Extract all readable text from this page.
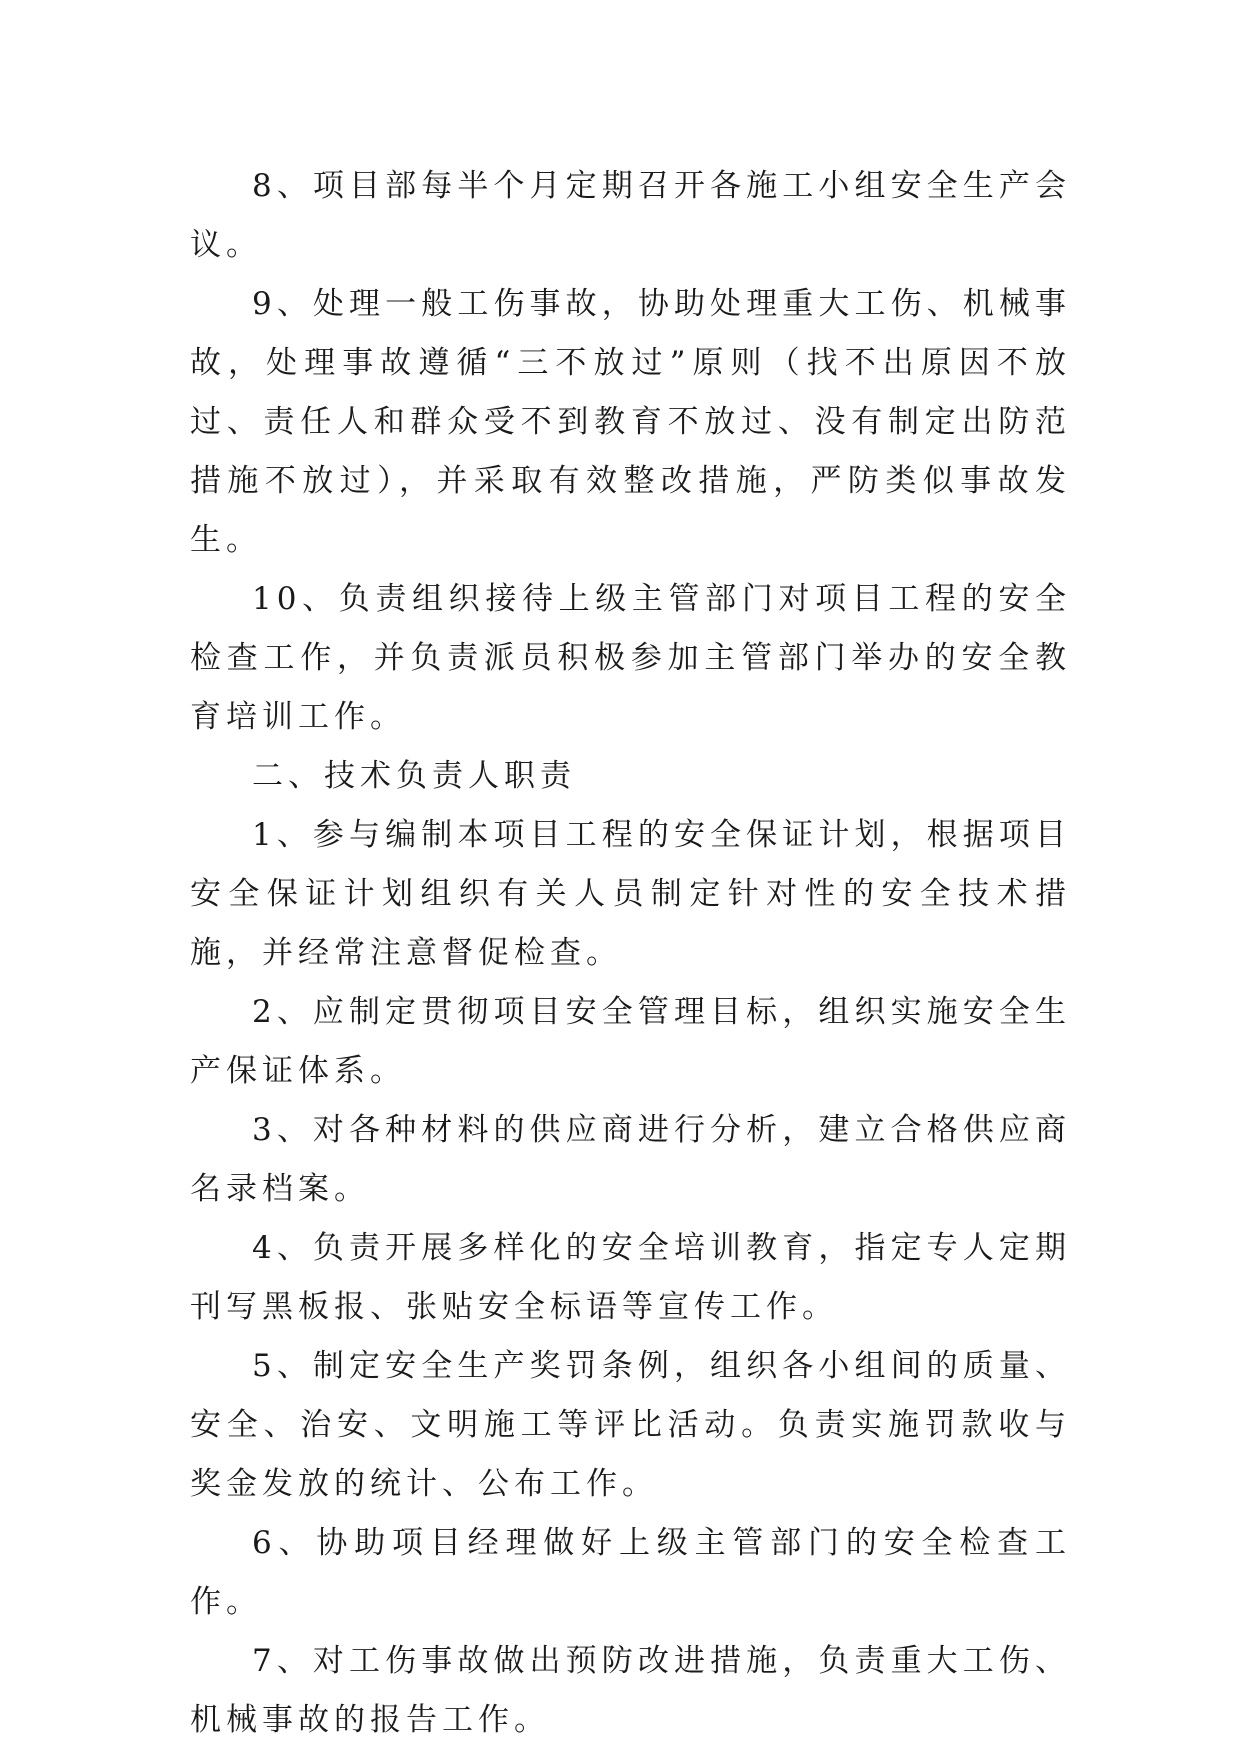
8、项目部每半个月定期召开各施工小组安全生产会议。

9、处理一般工伤事故，协助处理重大工伤、机械事故，处理事故遵循“三不放过”原则（找不出原因不放过、责任人和群众受不到教育不放过、没有制定出防范措施不放过），并采取有效整改措施，严防类似事故发生。

10、负责组织接待上级主管部门对项目工程的安全检查工作，并负责派员积极参加主管部门举办的安全教育培训工作。

二、技术负责人职责

1、参与编制本项目工程的安全保证计划，根据项目安全保证计划组织有关人员制定针对性的安全技术措施，并经常注意督促检查。

2、应制定贯彻项目安全管理目标，组织实施安全生产保证体系。

3、对各种材料的供应商进行分析，建立合格供应商名录档案。

4、负责开展多样化的安全培训教育，指定专人定期刊写黑板报、张贴安全标语等宣传工作。

5、制定安全生产奖罚条例，组织各小组间的质量、安全、治安、文明施工等评比活动。负责实施罚款收与奖金发放的统计、公布工作。

6、协助项目经理做好上级主管部门的安全检查工作。

7、对工伤事故做出预防改进措施，负责重大工伤、机械事故的报告工作。
